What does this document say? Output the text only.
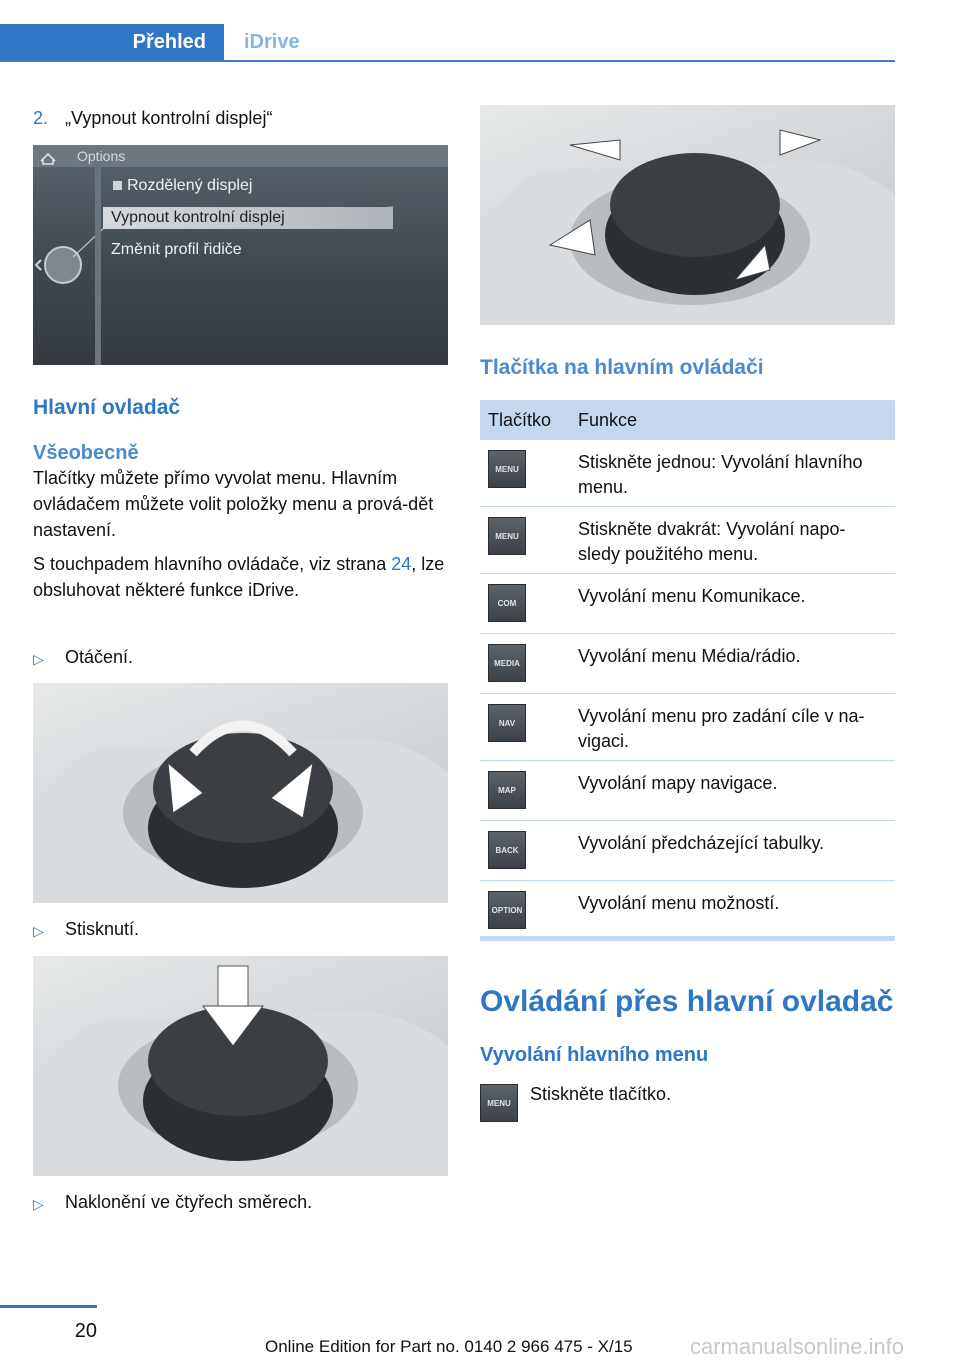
Přehled	iDrive
2. „Vypnout kontrolní displej“
Options
Rozdělený displej
Vypnout kontrolní displej
Změnit profil řidiče
Hlavní ovladač
Všeobecně
Tlačítky můžete přímo vyvolat menu. Hlavním ovládačem můžete volit položky menu a prová‐dět nastavení.
S touchpadem hlavního ovládače, viz strana 24, lze obsluhovat některé funkce iDrive.
▷	Otáčení.
▷	Stisknutí.
▷	Naklonění ve čtyřech směrech.
Tlačítka na hlavním ovládači
Tlačítko	Funkce

MENU	Stiskněte jednou: Vyvolání hlavního menu.

MENU	Stiskněte dvakrát: Vyvolání napo‐sledy použitého menu.

COM	Vyvolání menu Komunikace.

MEDIA	Vyvolání menu Média/rádio.

NAV	Vyvolání menu pro zadání cíle v na‐vigaci.

MAP	Vyvolání mapy navigace.

BACK	Vyvolání předcházející tabulky.

OPTION	Vyvolání menu možností.
Ovládání přes hlavní ovladač
Vyvolání hlavního menu
MENU	Stiskněte tlačítko.
20
Online Edition for Part no. 0140 2 966 475 - X/15	carmanualsonline.info
